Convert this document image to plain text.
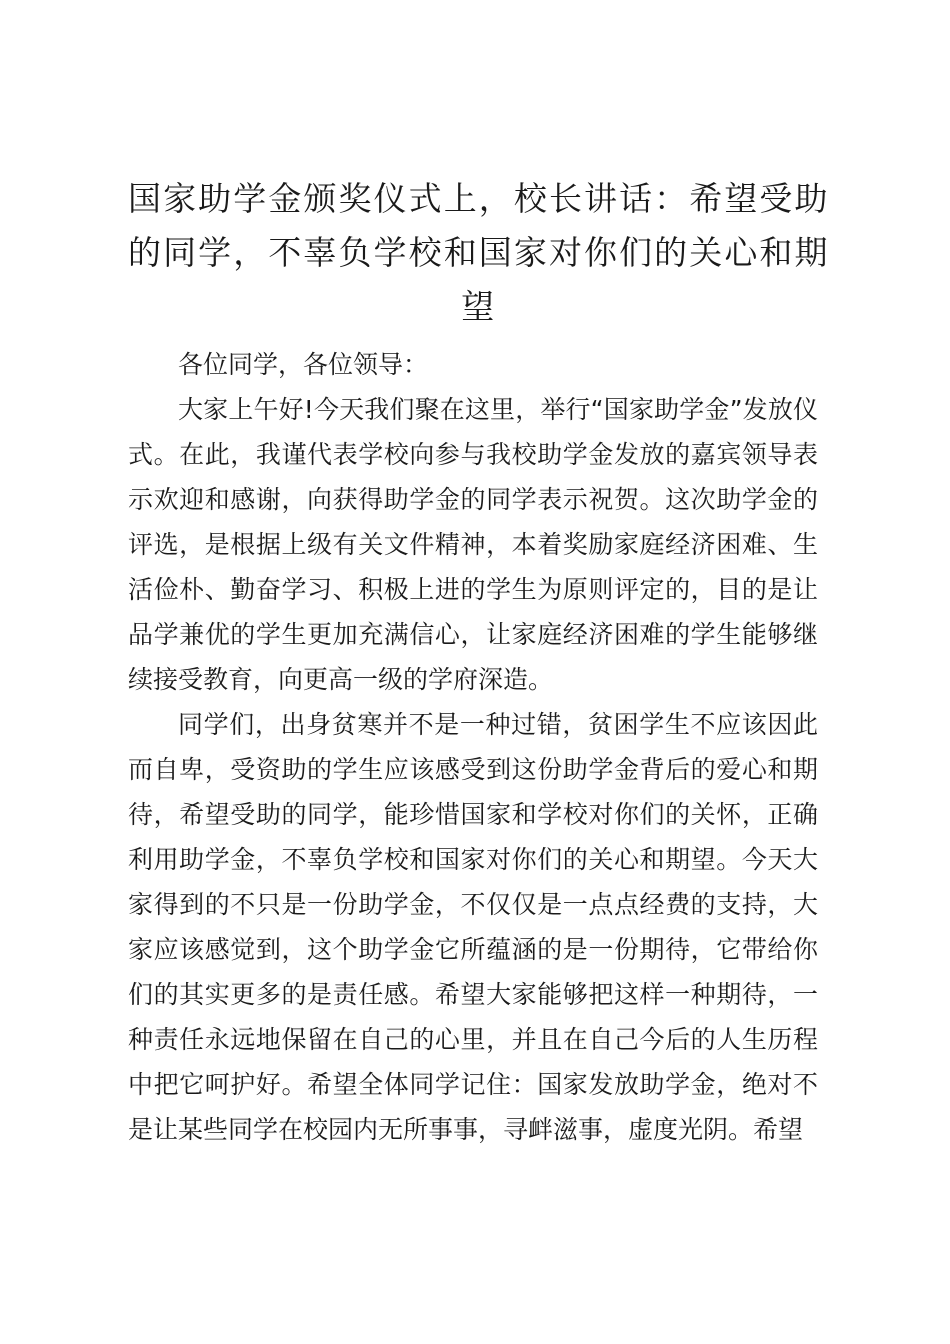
国家助学金颁奖仪式上，校长讲话：希望受助的同学，不辜负学校和国家对你们的关心和期望

各位同学，各位领导：

大家上午好!今天我们聚在这里，举行“国家助学金”发放仪式。在此，我谨代表学校向参与我校助学金发放的嘉宾领导表示欢迎和感谢，向获得助学金的同学表示祝贺。这次助学金的评选，是根据上级有关文件精神，本着奖励家庭经济困难、生活俭朴、勤奋学习、积极上进的学生为原则评定的，目的是让品学兼优的学生更加充满信心，让家庭经济困难的学生能够继续接受教育，向更高一级的学府深造。

同学们，出身贫寒并不是一种过错，贫困学生不应该因此而自卑，受资助的学生应该感受到这份助学金背后的爱心和期待，希望受助的同学，能珍惜国家和学校对你们的关怀，正确利用助学金，不辜负学校和国家对你们的关心和期望。今天大家得到的不只是一份助学金，不仅仅是一点点经费的支持，大家应该感觉到，这个助学金它所蕴涵的是一份期待，它带给你们的其实更多的是责任感。希望大家能够把这样一种期待，一种责任永远地保留在自己的心里，并且在自己今后的人生历程中把它呵护好。希望全体同学记住：国家发放助学金，绝对不是让某些同学在校园内无所事事，寻衅滋事，虚度光阴。希望
